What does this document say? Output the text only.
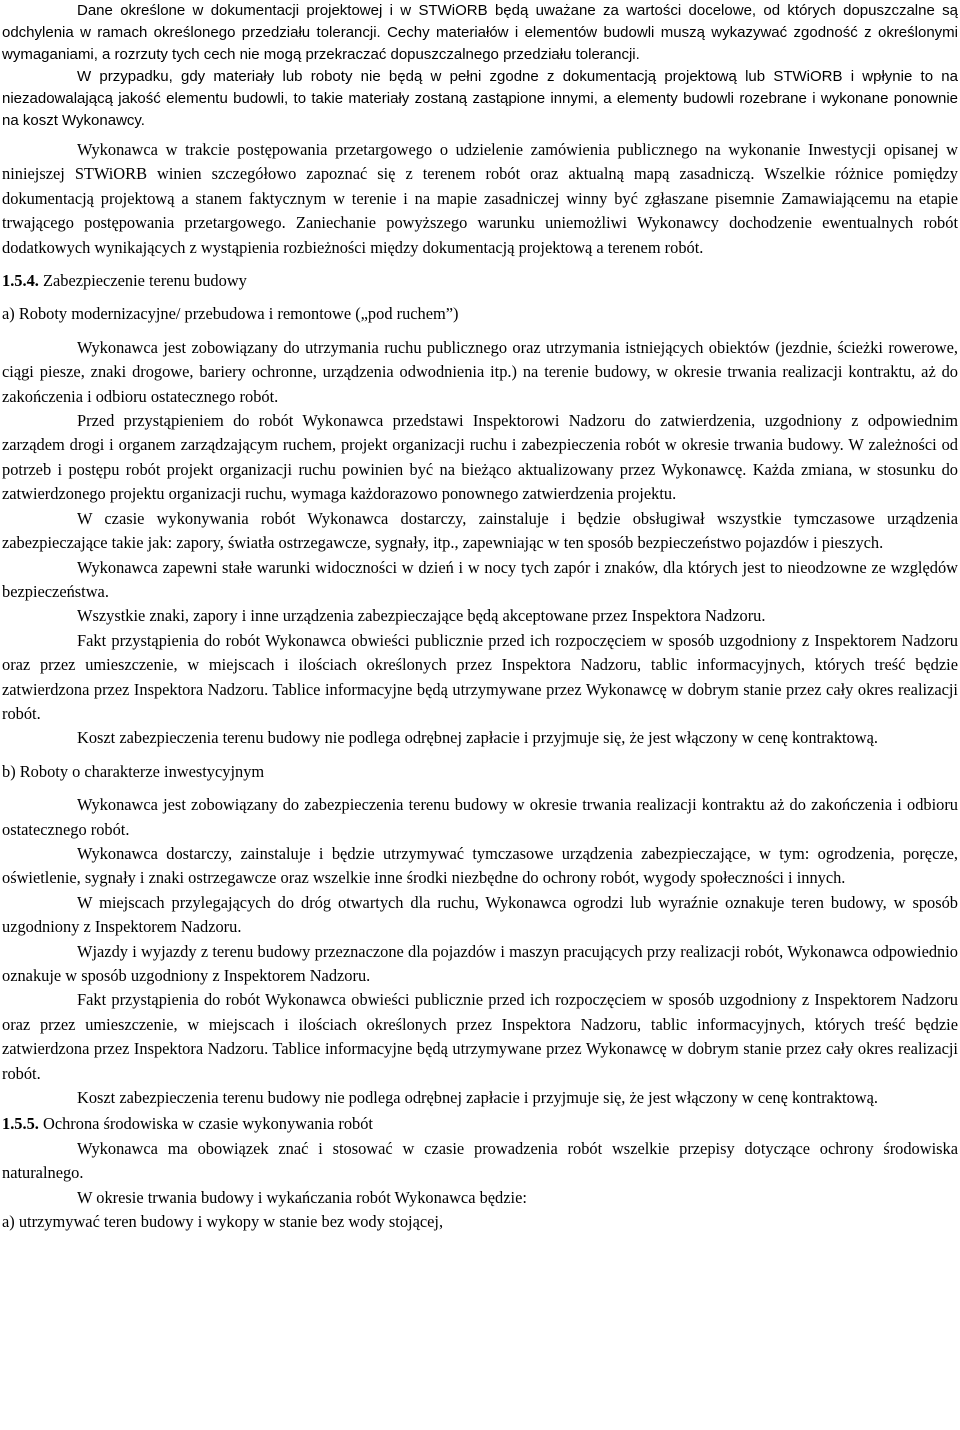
Dane określone w dokumentacji projektowej i w STWiORB będą uważane za wartości docelowe, od których dopuszczalne są odchylenia w ramach określonego przedziału tolerancji. Cechy materiałów i elementów budowli muszą wykazywać zgodność z określonymi wymaganiami, a rozrzuty tych cech nie mogą przekraczać dopuszczalnego przedziału tolerancji.

W przypadku, gdy materiały lub roboty nie będą w pełni zgodne z dokumentacją projektową lub STWiORB i wpłynie to na niezadowalającą jakość elementu budowli, to takie materiały zostaną zastąpione innymi, a elementy budowli rozebrane i wykonane ponownie na koszt Wykonawcy.

Wykonawca w trakcie postępowania przetargowego o udzielenie zamówienia publicznego na wykonanie Inwestycji opisanej w niniejszej STWiORB winien szczegółowo zapoznać się z terenem robót oraz aktualną mapą zasadniczą. Wszelkie różnice pomiędzy dokumentacją projektową a stanem faktycznym w terenie i na mapie zasadniczej winny być zgłaszane pisemnie Zamawiającemu na etapie trwającego postępowania przetargowego. Zaniechanie powyższego warunku uniemożliwi Wykonawcy dochodzenie ewentualnych robót dodatkowych wynikających z wystąpienia rozbieżności między dokumentacją projektową a terenem robót.

1.5.4. Zabezpieczenie terenu budowy

a) Roboty modernizacyjne/ przebudowa i remontowe („pod ruchem”)

Wykonawca jest zobowiązany do utrzymania ruchu publicznego oraz utrzymania istniejących obiektów (jezdnie, ścieżki rowerowe, ciągi piesze, znaki drogowe, bariery ochronne, urządzenia odwodnienia itp.) na terenie budowy, w okresie trwania realizacji kontraktu, aż do zakończenia i odbioru ostatecznego robót.

Przed przystąpieniem do robót Wykonawca przedstawi Inspektorowi Nadzoru do zatwierdzenia, uzgodniony z odpowiednim zarządem drogi i organem zarządzającym ruchem, projekt organizacji ruchu i zabezpieczenia robót w okresie trwania budowy. W zależności od potrzeb i postępu robót projekt organizacji ruchu powinien być na bieżąco aktualizowany przez Wykonawcę. Każda zmiana, w stosunku do zatwierdzonego projektu organizacji ruchu, wymaga każdorazowo ponownego zatwierdzenia projektu.

W czasie wykonywania robót Wykonawca dostarczy, zainstaluje i będzie obsługiwał wszystkie tymczasowe urządzenia zabezpieczające takie jak: zapory, światła ostrzegawcze, sygnały, itp., zapewniając w ten sposób bezpieczeństwo pojazdów i pieszych.

Wykonawca zapewni stałe warunki widoczności w dzień i w nocy tych zapór i znaków, dla których jest to nieodzowne ze względów bezpieczeństwa.

Wszystkie znaki, zapory i inne urządzenia zabezpieczające będą akceptowane przez Inspektora Nadzoru.

Fakt przystąpienia do robót Wykonawca obwieści publicznie przed ich rozpoczęciem w sposób uzgodniony z Inspektorem Nadzoru oraz przez umieszczenie, w miejscach i ilościach określonych przez Inspektora Nadzoru, tablic informacyjnych, których treść będzie zatwierdzona przez Inspektora Nadzoru. Tablice informacyjne będą utrzymywane przez Wykonawcę w dobrym stanie przez cały okres realizacji robót.

Koszt zabezpieczenia terenu budowy nie podlega odrębnej zapłacie i przyjmuje się, że jest włączony w cenę kontraktową.

b) Roboty o charakterze inwestycyjnym

Wykonawca jest zobowiązany do zabezpieczenia terenu budowy w okresie trwania realizacji kontraktu aż do zakończenia i odbioru ostatecznego robót.

Wykonawca dostarczy, zainstaluje i będzie utrzymywać tymczasowe urządzenia zabezpieczające, w tym: ogrodzenia, poręcze, oświetlenie, sygnały i znaki ostrzegawcze oraz wszelkie inne środki niezbędne do ochrony robót, wygody społeczności i innych.

W miejscach przylegających do dróg otwartych dla ruchu, Wykonawca ogrodzi lub wyraźnie oznakuje teren budowy, w sposób uzgodniony z Inspektorem Nadzoru.

Wjazdy i wyjazdy z terenu budowy przeznaczone dla pojazdów i maszyn pracujących przy realizacji robót, Wykonawca odpowiednio oznakuje w sposób uzgodniony z Inspektorem Nadzoru.

Fakt przystąpienia do robót Wykonawca obwieści publicznie przed ich rozpoczęciem w sposób uzgodniony z Inspektorem Nadzoru oraz przez umieszczenie, w miejscach i ilościach określonych przez Inspektora Nadzoru, tablic informacyjnych, których treść będzie zatwierdzona przez Inspektora Nadzoru. Tablice informacyjne będą utrzymywane przez Wykonawcę w dobrym stanie przez cały okres realizacji robót.

Koszt zabezpieczenia terenu budowy nie podlega odrębnej zapłacie i przyjmuje się, że jest włączony w cenę kontraktową.

1.5.5. Ochrona środowiska w czasie wykonywania robót

Wykonawca ma obowiązek znać i stosować w czasie prowadzenia robót wszelkie przepisy dotyczące ochrony środowiska naturalnego.

W okresie trwania budowy i wykańczania robót Wykonawca będzie:

a) utrzymywać teren budowy i wykopy w stanie bez wody stojącej,
